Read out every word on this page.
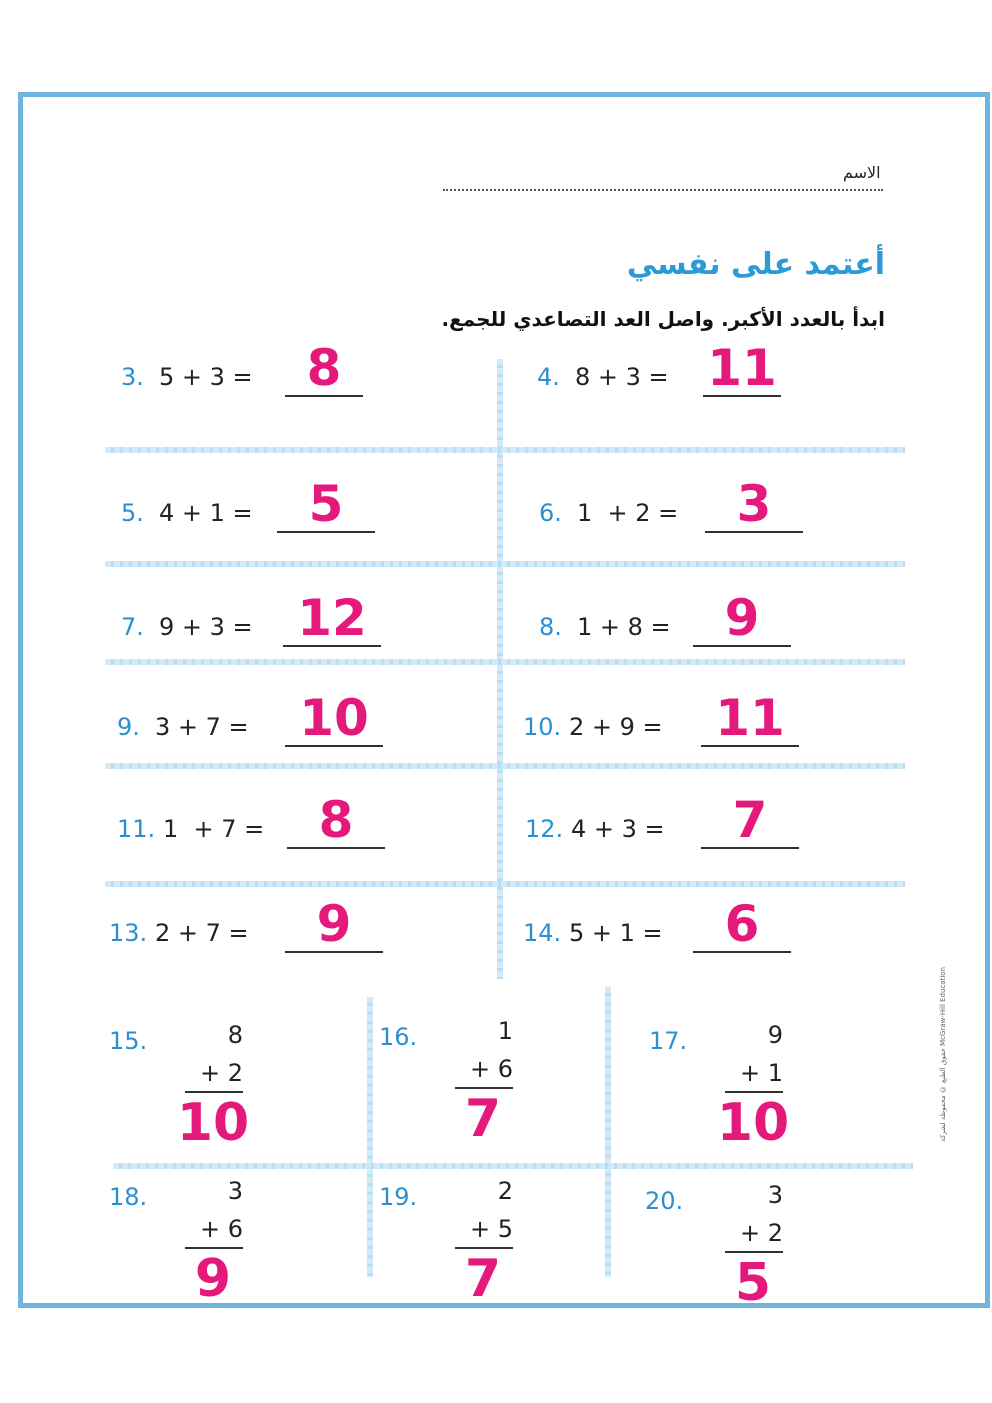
الاسم
أعتمد على نفسي
ابدأ بالعدد الأكبر. واصل العد التصاعدي للجمع.
3. 5 + 3 =	8	4. 8 + 3 = 11
5. 4 + 1 =	5	6. 1  + 2 =	3
7. 9 + 3 = 12	8. 1 + 8 =	9
9. 3 + 7 = 10	10. 2 + 9 = 11
11. 1  + 7 =	8	12. 4 + 3 =	7
13. 2 + 7 =	9	14. 5 + 1 =	6
15.	8
+ 2
10
16.	1
+ 6
7
17.	9
+ 1
10
18.	3
+ 6
9
19.	2
+ 5
7
20.	3
+ 2
5
حقوق الطبع © محفوظة لشركة McGraw-Hill Education
